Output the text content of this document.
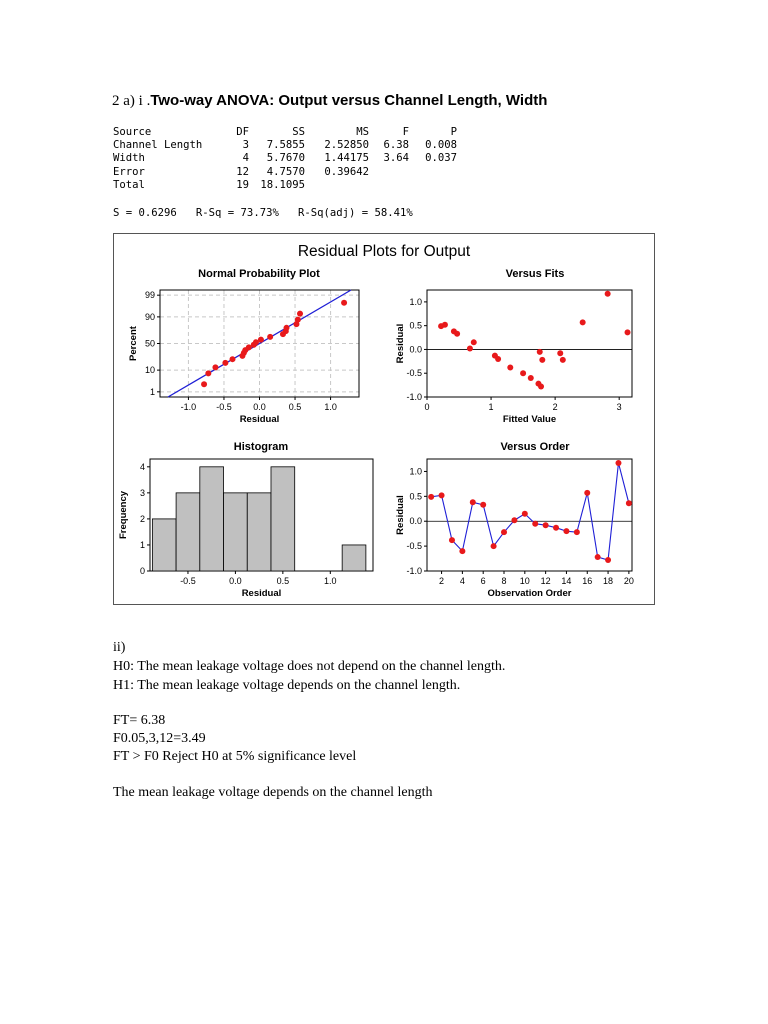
2 a) i .Two-way ANOVA: Output versus Channel Length, Width
Source	DF	SS	MS	F	P
Channel Length	3	7.5855	2.52850	6.38	0.008
Width	4	5.7670	1.44175	3.64	0.037
Error	12	4.7570	0.39642		
Total	19	18.1095			
S = 0.6296   R-Sq = 73.73%   R-Sq(adj) = 58.41%
Residual Plots for Output
Normal Probability Plot
Residual
Percent
-1.0 -0.5 0.0	0.5	1.0
1
10
50
90
99
Versus Fits
Fitted Value
Residual
0	1	2	3
-1.0
-0.5
0.0
0.5
1.0
Histogram
Residual
Frequency
-0.5	0.0	0.5	1.0
0
1
2
3
4
Versus Order
Observation Order
Residual
2 4 6 8 10 12 14 16 18 20
-1.0
-0.5
0.0
0.5
1.0
ii)
H0: The mean leakage voltage does not depend on the channel length.
H1: The mean leakage voltage depends on the channel length.
FT= 6.38
F0.05,3,12=3.49
FT > F0 Reject H0 at 5% significance level
The mean leakage voltage depends on the channel length
